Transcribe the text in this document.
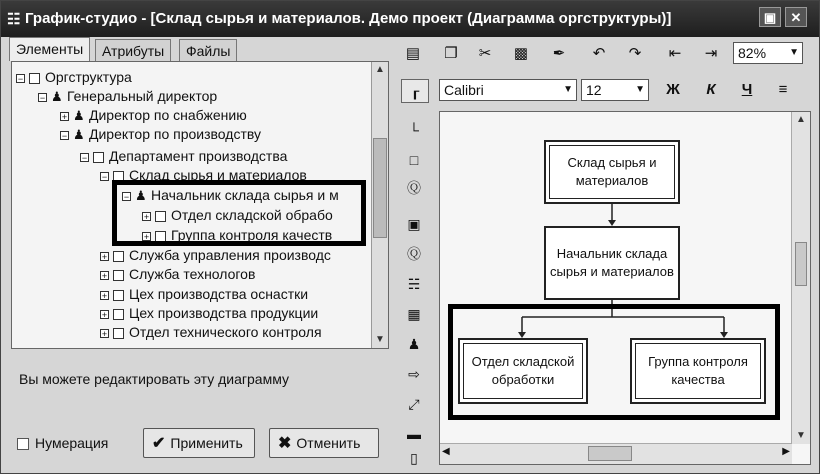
☷ График-студио - [Склад сырья и материалов. Демо проект (Диаграмма оргструктуры)]	▣	✕
Элементы	Атрибуты	Файлы
− Оргструктура
− ♟ Генеральный директор
+ ♟ Директор по снабжению
− ♟ Директор по производству
− Департамент производства
− Склад сырья и материалов
− ♟ Начальник склада сырья и м
+ Отдел складской обрабо
+ Группа контроля качеств
+ Служба управления производс
+ Служба технологов
+ Цех производства оснастки
+ Цех производства продукции
+ Отдел технического контроля
▲
▼
Вы можете редактировать эту диаграмму
Нумерация	✔ Применить	✖ Отменить
▤	❐	✂	▩	✒	↶	↷	⇤	⇥	82% ▼
Calibri	▼ 12	▼	Ж	К	Ч	≡
┎
└
□
Ⓠ
▣
Ⓠ
☵
▦
♟
⇨
⤢
▬
▯
Склад сырья и материалов
Начальник склада сырья и материалов
Отдел складской обработки
Группа контроля качества
▲
▼
◀	▶
